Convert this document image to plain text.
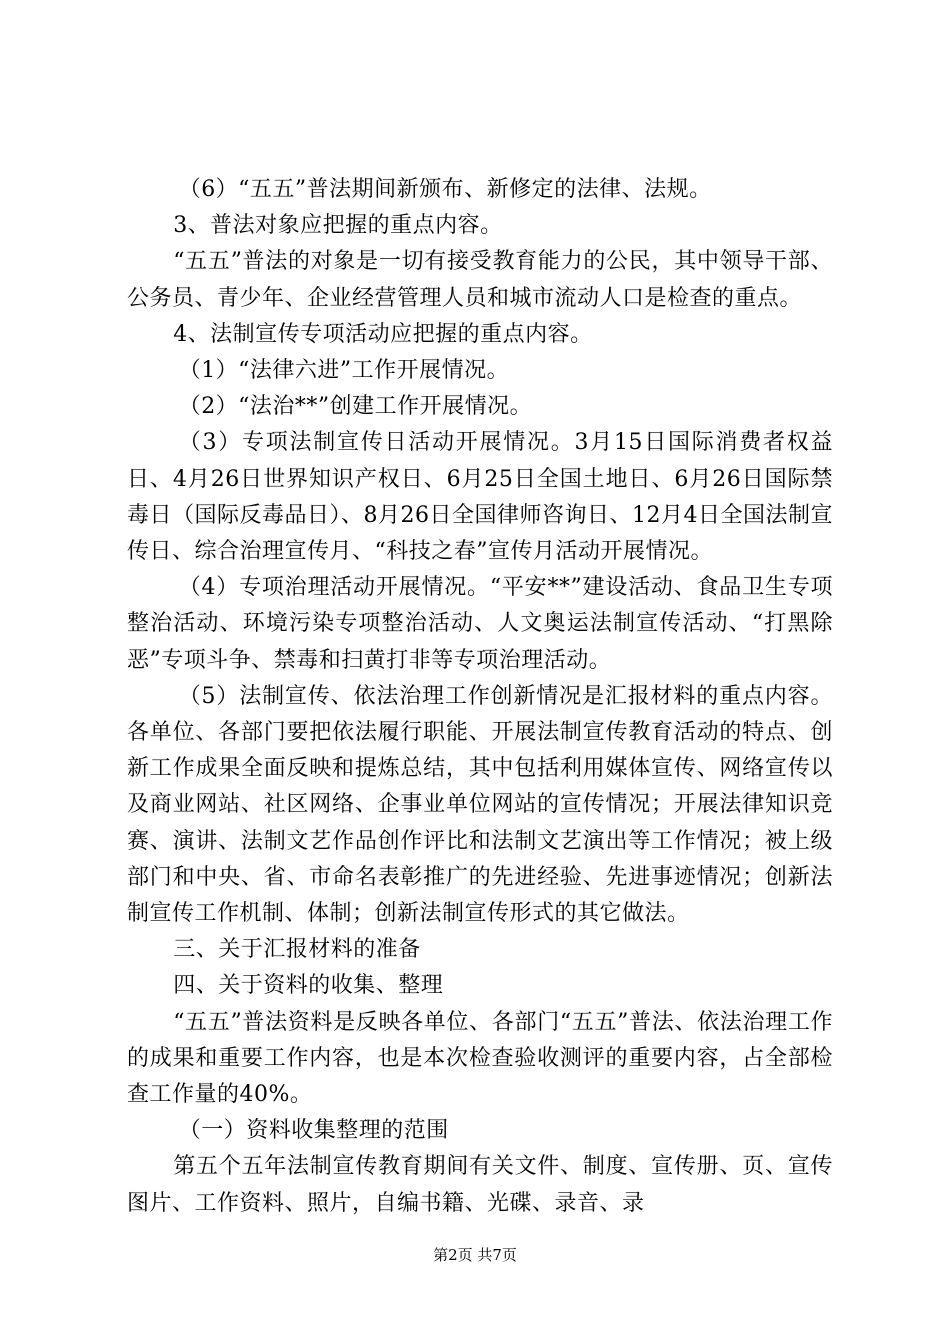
（6）“五五”普法期间新颁布、新修定的法律、法规。

3、普法对象应把握的重点内容。

“五五”普法的对象是一切有接受教育能力的公民，其中领导干部、公务员、青少年、企业经营管理人员和城市流动人口是检查的重点。

4、法制宣传专项活动应把握的重点内容。

（1）“法律六进”工作开展情况。

（2）“法治**”创建工作开展情况。

（3）专项法制宣传日活动开展情况。3月15日国际消费者权益日、4月26日世界知识产权日、6月25日全国土地日、6月26日国际禁毒日（国际反毒品日）、8月26日全国律师咨询日、12月4日全国法制宣传日、综合治理宣传月、“科技之春”宣传月活动开展情况。

（4）专项治理活动开展情况。“平安**”建设活动、食品卫生专项整治活动、环境污染专项整治活动、人文奥运法制宣传活动、“打黑除恶”专项斗争、禁毒和扫黄打非等专项治理活动。

（5）法制宣传、依法治理工作创新情况是汇报材料的重点内容。各单位、各部门要把依法履行职能、开展法制宣传教育活动的特点、创新工作成果全面反映和提炼总结，其中包括利用媒体宣传、网络宣传以及商业网站、社区网络、企事业单位网站的宣传情况；开展法律知识竞赛、演讲、法制文艺作品创作评比和法制文艺演出等工作情况；被上级部门和中央、省、市命名表彰推广的先进经验、先进事迹情况；创新法制宣传工作机制、体制；创新法制宣传形式的其它做法。

三、关于汇报材料的准备

四、关于资料的收集、整理

“五五”普法资料是反映各单位、各部门“五五”普法、依法治理工作的成果和重要工作内容，也是本次检查验收测评的重要内容，占全部检查工作量的40%。

（一）资料收集整理的范围

第五个五年法制宣传教育期间有关文件、制度、宣传册、页、宣传图片、工作资料、照片，自编书籍、光碟、录音、录

第2页 共7页
